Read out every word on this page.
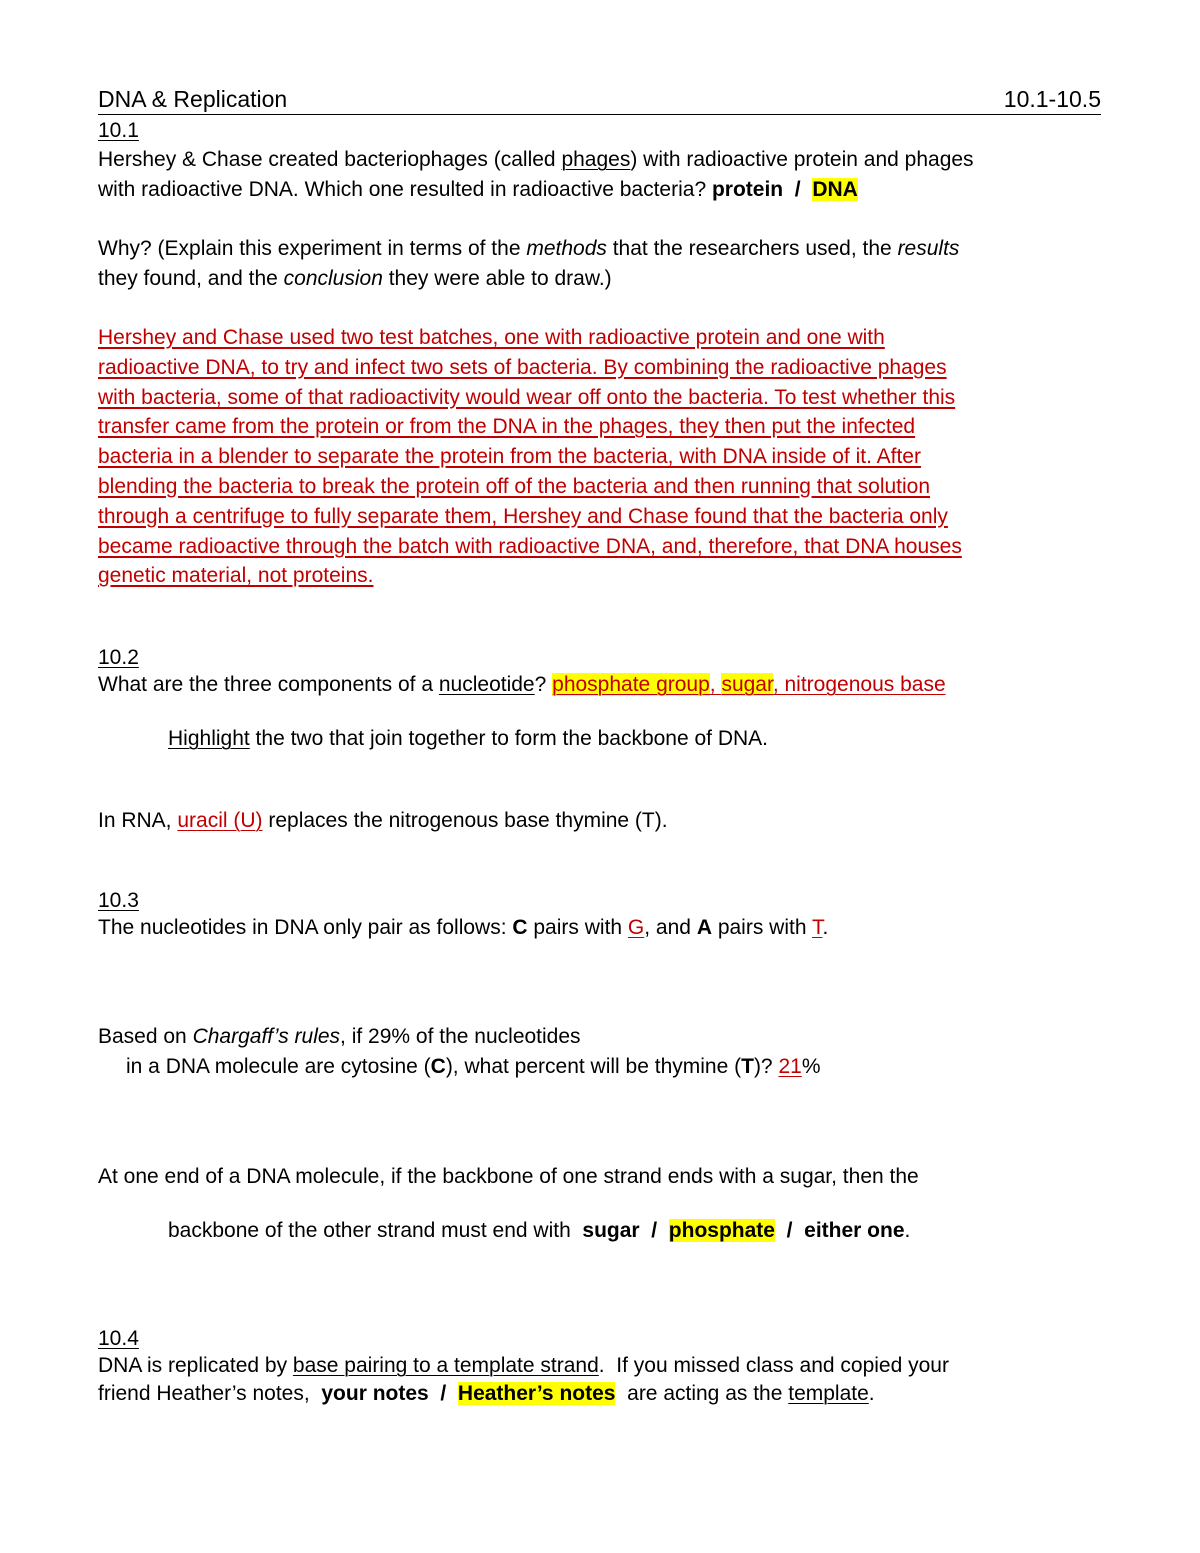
DNA & Replication	10.1-10.5
10.1
Hershey & Chase created bacteriophages (called phages) with radioactive protein and phages
with radioactive DNA. Which one resulted in radioactive bacteria? protein  /  DNA
Why? (Explain this experiment in terms of the methods that the researchers used, the results
they found, and the conclusion they were able to draw.)
Hershey and Chase used two test batches, one with radioactive protein and one with
radioactive DNA, to try and infect two sets of bacteria. By combining the radioactive phages
with bacteria, some of that radioactivity would wear off onto the bacteria. To test whether this
transfer came from the protein or from the DNA in the phages, they then put the infected
bacteria in a blender to separate the protein from the bacteria, with DNA inside of it. After
blending the bacteria to break the protein off of the bacteria and then running that solution
through a centrifuge to fully separate them, Hershey and Chase found that the bacteria only
became radioactive through the batch with radioactive DNA, and, therefore, that DNA houses
genetic material, not proteins.
10.2
What are the three components of a nucleotide? phosphate group, sugar, nitrogenous base
Highlight the two that join together to form the backbone of DNA.
In RNA, uracil (U) replaces the nitrogenous base thymine (T).
10.3
The nucleotides in DNA only pair as follows: C pairs with G, and A pairs with T.
Based on Chargaff’s rules, if 29% of the nucleotides
in a DNA molecule are cytosine (C), what percent will be thymine (T)? 21%
At one end of a DNA molecule, if the backbone of one strand ends with a sugar, then the
backbone of the other strand must end with  sugar  /  phosphate  /  either one.
10.4
DNA is replicated by base pairing to a template strand.  If you missed class and copied your
friend Heather’s notes,  your notes  /  Heather’s notes  are acting as the template.
